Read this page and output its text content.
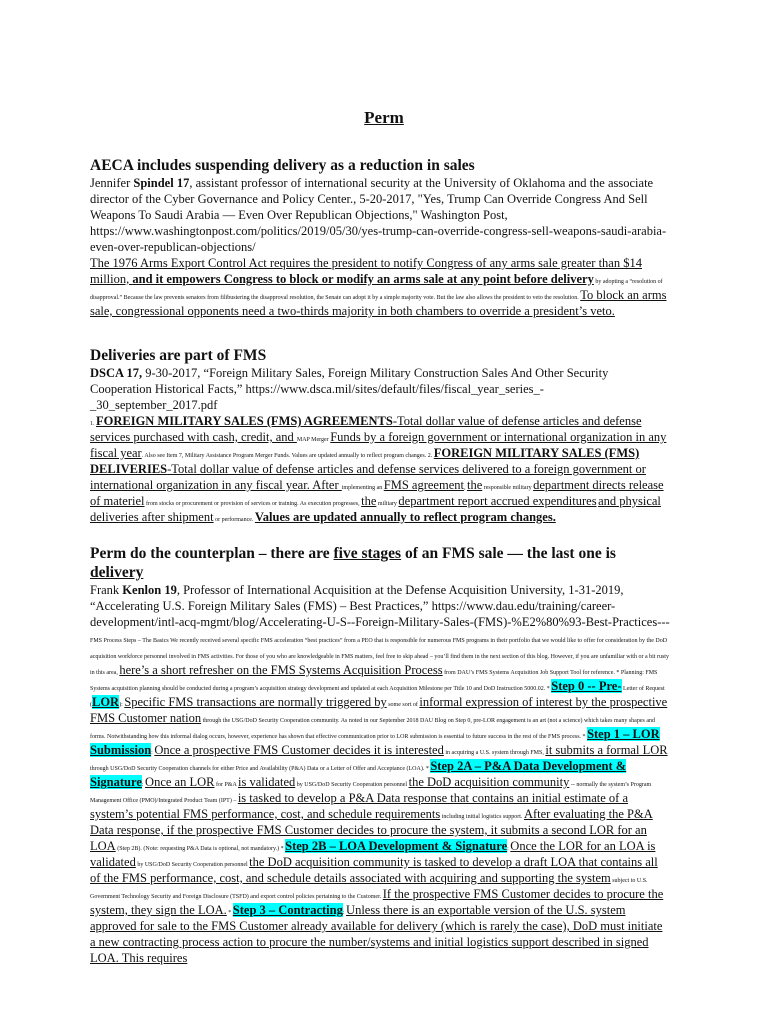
Perm

AECA includes suspending delivery as a reduction in sales

Jennifer Spindel 17, assistant professor of international security at the University of Oklahoma and the associate director of the Cyber Governance and Policy Center., 5-20-2017, "Yes, Trump Can Override Congress And Sell Weapons To Saudi Arabia — Even Over Republican Objections," Washington Post, https://www.washingtonpost.com/politics/2019/05/30/yes-trump-can-override-congress-sell-weapons-saudi-arabia-even-over-republican-objections/

The 1976 Arms Export Control Act requires the president to notify Congress of any arms sale greater than $14 million, and it empowers Congress to block or modify an arms sale at any point before delivery by adopting a “resolution of disapproval.” Because the law prevents senators from filibustering the disapproval resolution, the Senate can adopt it by a simple majority vote. But the law also allows the president to veto the resolution. To block an arms sale, congressional opponents need a two-thirds majority in both chambers to override a president’s veto.

Deliveries are part of FMS

DSCA 17, 9-30-2017, “Foreign Military Sales, Foreign Military Construction Sales And Other Security Cooperation Historical Facts,” https://www.dsca.mil/sites/default/files/fiscal_year_series_-_30_september_2017.pdf

1. FOREIGN MILITARY SALES (FMS) AGREEMENTS-Total dollar value of defense articles and defense services purchased with cash, credit, and MAP Merger Funds by a foreign government or international organization in any fiscal year. Also see Item 7, Military Assistance Program Merger Funds. Values are updated annually to reflect program changes. 2. FOREIGN MILITARY SALES (FMS) DELIVERIES-Total dollar value of defense articles and defense services delivered to a foreign government or international organization in any fiscal year. After implementing an FMS agreement, the responsible military department directs release of materiel from stocks or procurement or provision of services or training. As execution progresses, the military department report accrued expenditures and physical deliveries after shipment or performance. Values are updated annually to reflect program changes.

Perm do the counterplan – there are five stages of an FMS sale — the last one is delivery

Frank Kenlon 19, Professor of International Acquisition at the Defense Acquisition University, 1-31-2019, “Accelerating U.S. Foreign Military Sales (FMS) – Best Practices,” https://www.dau.edu/training/career-development/intl-acq-mgmt/blog/Accelerating-U-S--Foreign-Military-Sales-(FMS)-%E2%80%93-Best-Practices---

FMS Process Steps – The Basics We recently received several specific FMS acceleration “best practices” from a PEO that is responsible for numerous FMS programs in their portfolio that we would like to offer for consideration by the DoD acquisition workforce personnel involved in FMS activities. For those of you who are knowledgeable in FMS matters, feel free to skip ahead – you’ll find them in the next section of this blog. However, if you are unfamiliar with or a bit rusty in this area, here’s a short refresher on the FMS Systems Acquisition Process from DAU’s FMS Systems Acquisition Job Support Tool for reference. * Planning: FMS Systems acquisition planning should be conducted during a program’s acquisition strategy development and updated at each Acquisition Milestone per Title 10 and DoD Instruction 5000.02. * Step 0 -- Pre- Letter of Request (LOR): Specific FMS transactions are normally triggered by some sort of informal expression of interest by the prospective FMS Customer nation through the USG/DoD Security Cooperation community. As noted in our September 2018 DAU Blog on Step 0, pre-LOR engagement is an art (not a science) which takes many shapes and forms. Notwithstanding how this informal dialog occurs, however, experience has shown that effective communication prior to LOR submission is essential to future success in the rest of the FMS process. * Step 1 – LOR Submission: Once a prospective FMS Customer decides it is interested in acquiring a U.S. system through FMS, it submits a formal LOR through USG/DoD Security Cooperation channels for either Price and Availability (P&A) Data or a Letter of Offer and Acceptance (LOA). * Step 2A – P&A Data Development & Signature: Once an LOR for P&A is validated by USG/DoD Security Cooperation personnel the DoD acquisition community -- normally the system’s Program Management Office (PMO)/Integrated Product Team (IPT) – is tasked to develop a P&A Data response that contains an initial estimate of a system’s potential FMS performance, cost, and schedule requirements including initial logistics support. After evaluating the P&A Data response, if the prospective FMS Customer decides to procure the system, it submits a second LOR for an LOA (Step 2B). (Note: requesting P&A Data is optional, not mandatory.) * Step 2B – LOA Development & Signature: Once the LOR for an LOA is validated by USG/DoD Security Cooperation personnel the DoD acquisition community is tasked to develop a draft LOA that contains all of the FMS performance, cost, and schedule details associated with acquiring and supporting the system subject to U.S. Government Technology Security and Foreign Disclosure (TSFD) and export control policies pertaining to the Customer. If the prospective FMS Customer decides to procure the system, they sign the LOA. * Step 3 – Contracting: Unless there is an exportable version of the U.S. system approved for sale to the FMS Customer already available for delivery (which is rarely the case), DoD must initiate a new contracting process action to procure the number/systems and initial logistics support described in signed LOA. This requires
